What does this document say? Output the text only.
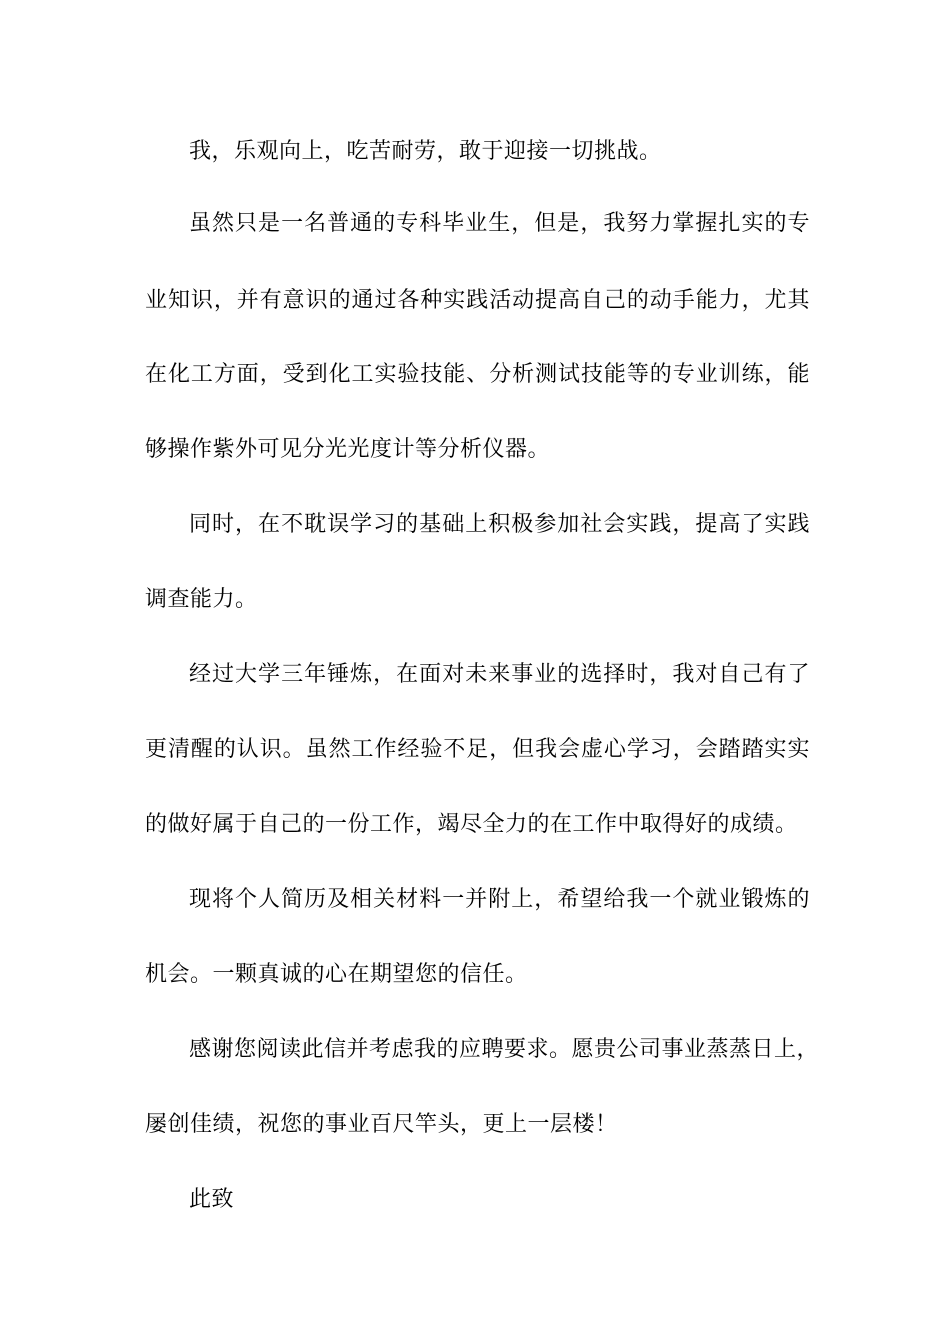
我，乐观向上，吃苦耐劳，敢于迎接一切挑战。
虽然只是一名普通的专科毕业生，但是，我努力掌握扎实的专
业知识，并有意识的通过各种实践活动提高自己的动手能力，尤其
在化工方面，受到化工实验技能、分析测试技能等的专业训练，能
够操作紫外可见分光光度计等分析仪器。
同时，在不耽误学习的基础上积极参加社会实践，提高了实践
调查能力。
经过大学三年锤炼，在面对未来事业的选择时，我对自己有了
更清醒的认识。虽然工作经验不足，但我会虚心学习，会踏踏实实
的做好属于自己的一份工作，竭尽全力的在工作中取得好的成绩。
现将个人简历及相关材料一并附上，希望给我一个就业锻炼的
机会。一颗真诚的心在期望您的信任。
感谢您阅读此信并考虑我的应聘要求。愿贵公司事业蒸蒸日上，
屡创佳绩，祝您的事业百尺竿头，更上一层楼！
此致
